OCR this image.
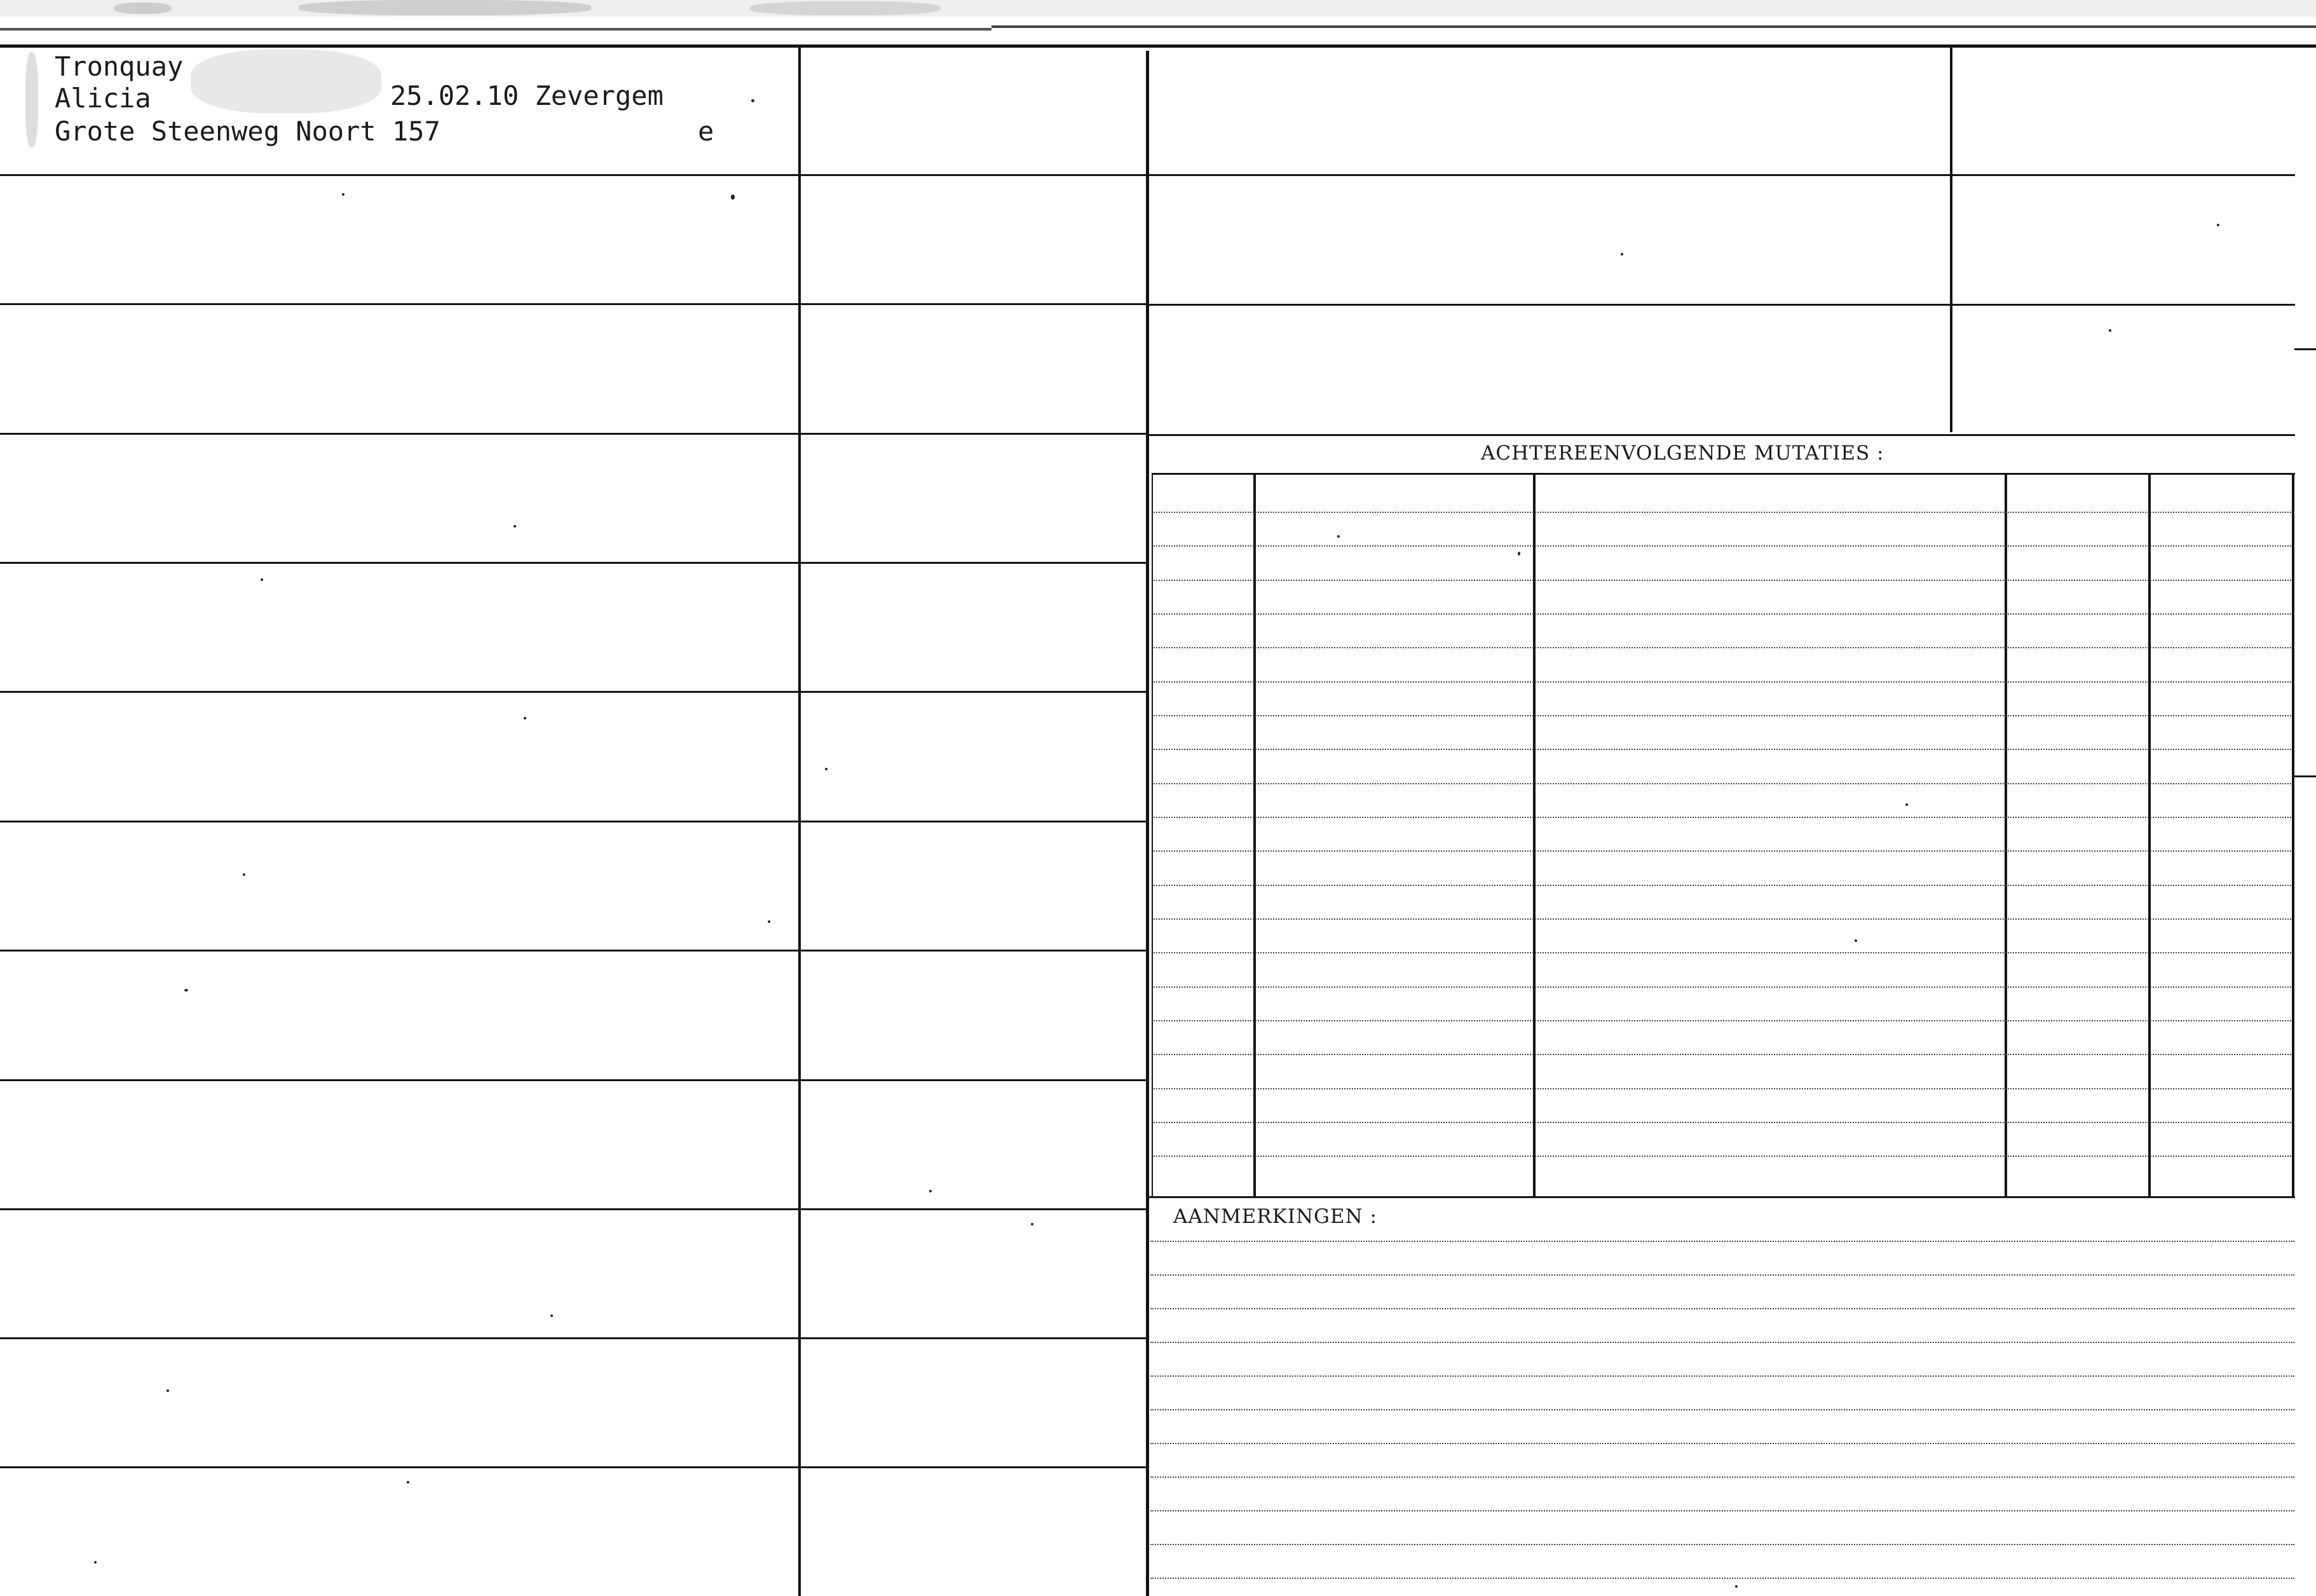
Tronquay
Alicia	25.02.10 Zevergem
Grote Steenweg Noort 157	e
ACHTEREENVOLGENDE MUTATIES :
AANMERKINGEN :
